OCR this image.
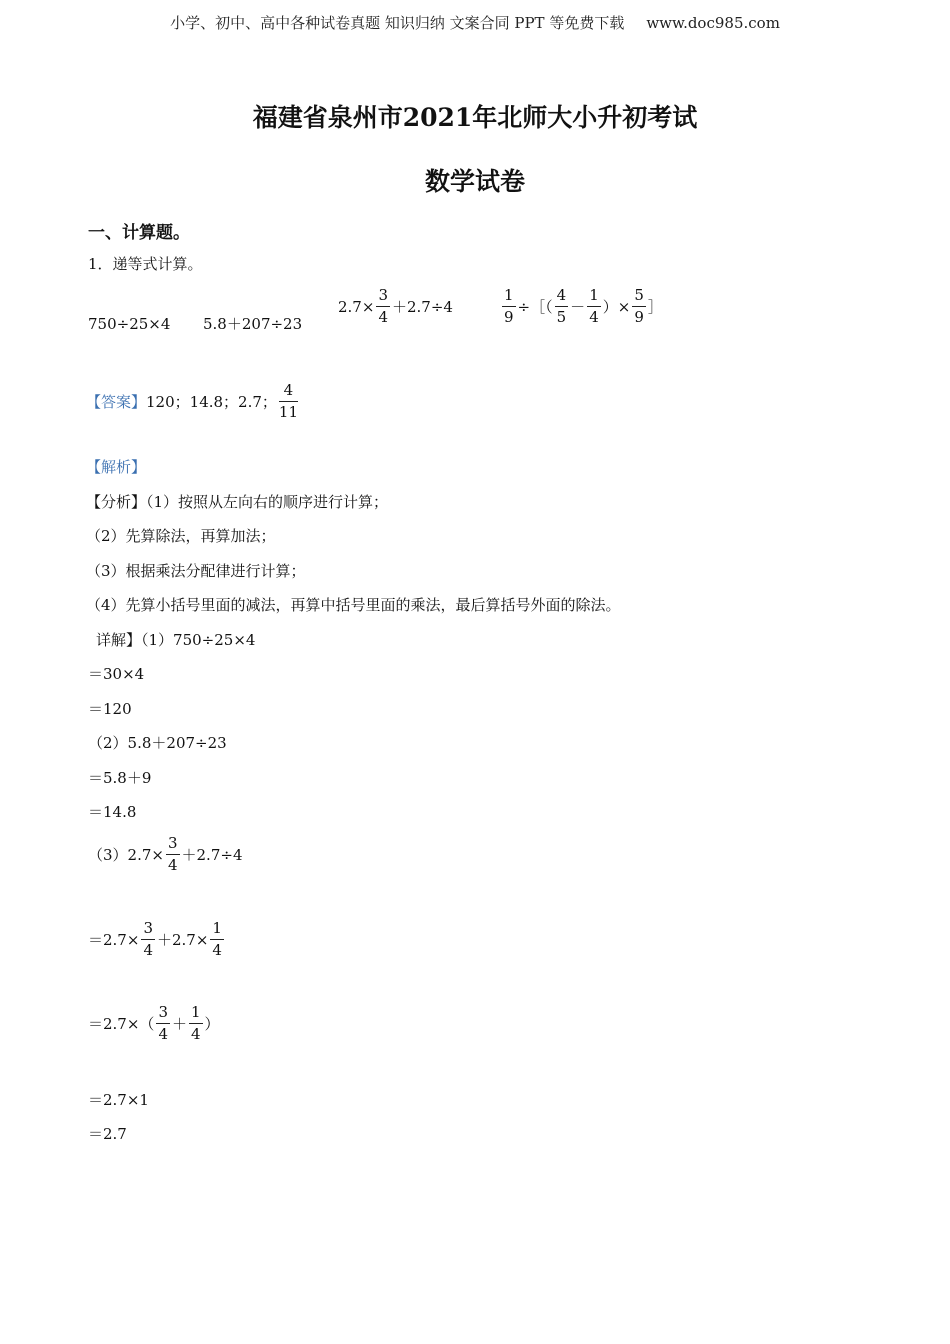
小学、初中、高中各种试卷真题 知识归纳 文案合同 PPT 等免费下载 www.doc985.com
福建省泉州市2021年北师大小升初考试
数学试卷
一、计算题。
1．递等式计算。
750÷25×4 5.8＋207÷23
$2.7\times \frac{3}{4} +2.7\div 4$	$\frac{1}{9}$ ÷［（ $\frac{4}{5} - \frac{1}{4}$ ）× $\frac{5}{9}$ ］
【答案】120；14.8；2.7； $\frac{4}{11}$
【解析】
【分析】（1）按照从左向右的顺序进行计算；
（2）先算除法，再算加法；
（3）根据乘法分配律进行计算；
（4）先算小括号里面的减法，再算中括号里面的乘法，最后算括号外面的除法。
详解】（1）750÷25×4
＝30×4
＝120
（2）5.8＋207÷23
＝5.8＋9
＝14.8
$(3)2.7\times \frac{3}{4} +2.7\div 4$
$=2.7\times \frac{3}{4} +2.7\times \frac{1}{4}$
$=2.7\times( \frac{3}{4} + \frac{1}{4}$ ）
＝2.7×1
＝2.7
